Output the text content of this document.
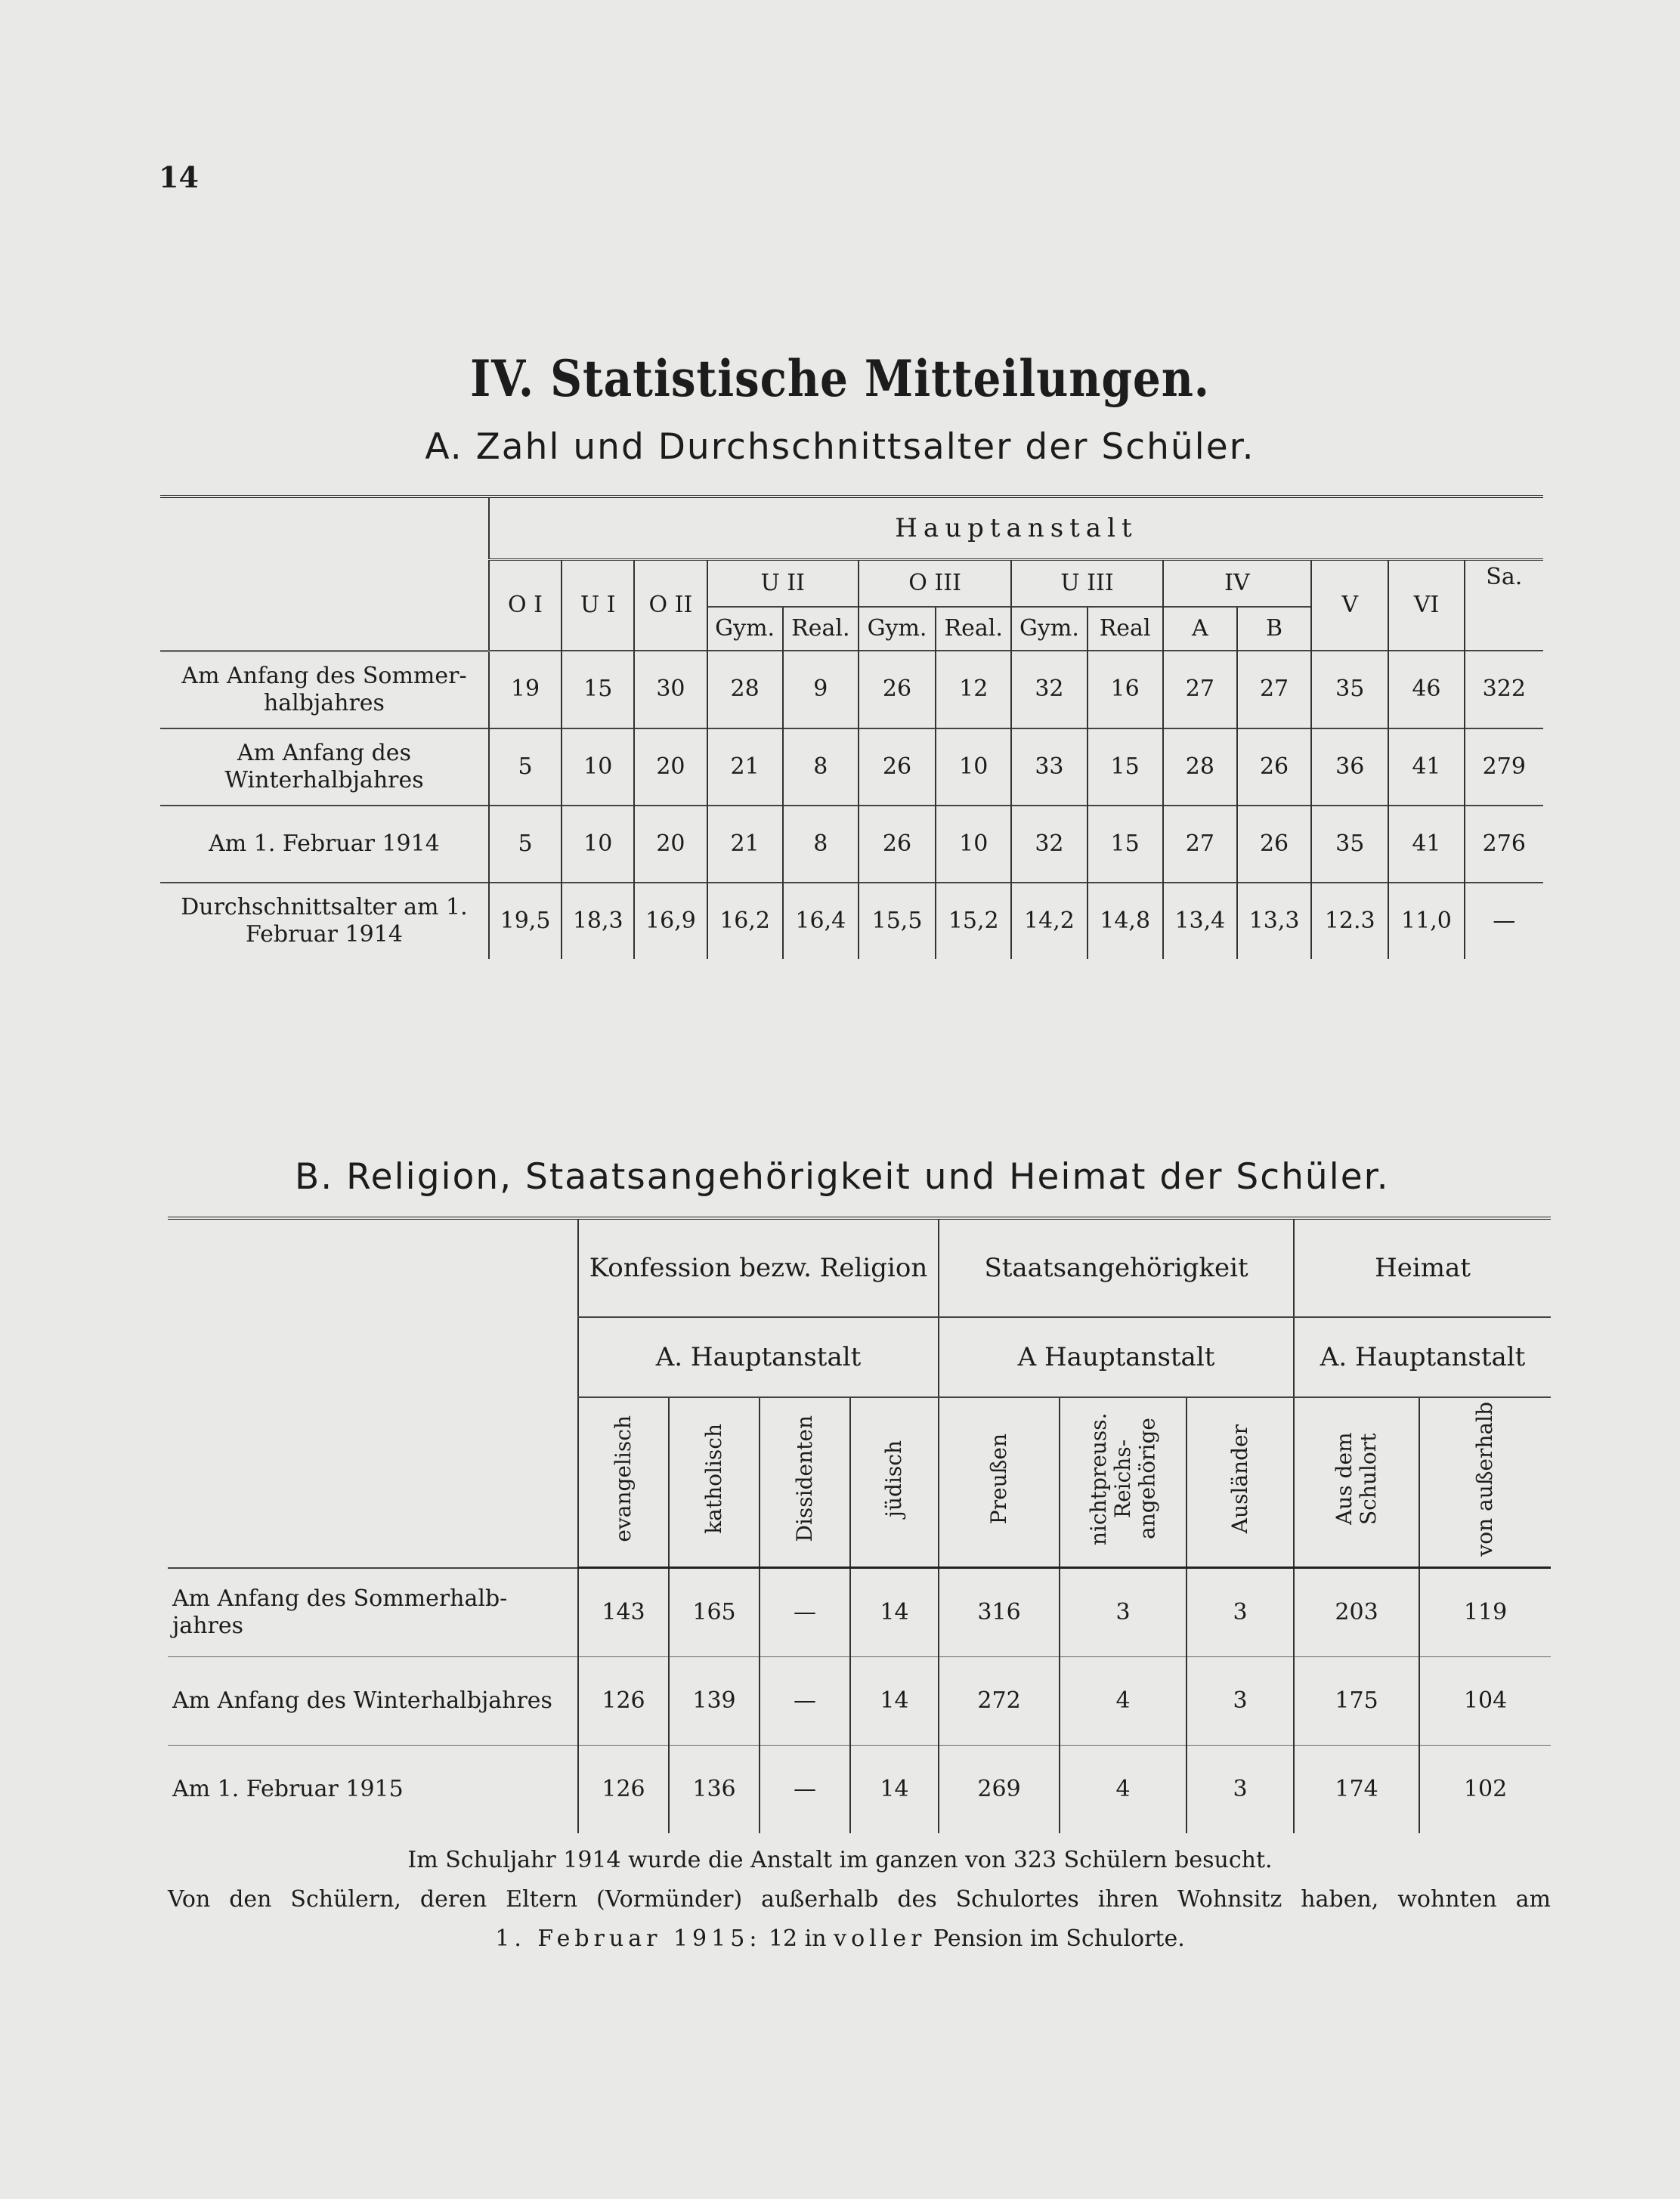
14
IV. Statistische Mitteilungen.
A. Zahl und Durchschnittsalter der Schüler.
	Hauptanstalt													
	O I	U I	O II	U II		O III		U III		IV		V	VI	Sa.
				Gym.	Real.	Gym.	Real.	Gym.	Real	A	B			
Am Anfang des Sommer-halbjahres	19	15	30	28	9	26	12	32	16	27	27	35	46	322
Am Anfang des Winterhalbjahres	5	10	20	21	8	26	10	33	15	28	26	36	41	279
Am 1. Februar 1914	5	10	20	21	8	26	10	32	15	27	26	35	41	276
Durchschnittsalter am 1. Februar 1914	19,5	18,3	16,9	16,2	16,4	15,5	15,2	14,2	14,8	13,4	13,3	12.3	11,0	—
B. Religion, Staatsangehörigkeit und Heimat der Schüler.
	Konfession bezw. Religion				Staatsangehörigkeit			Heimat	
	A. Hauptanstalt				A Hauptanstalt			A. Hauptanstalt	
	evangelisch	katholisch	Dissidenten	jüdisch	Preußen	nichtpreuss. Reichs-angehörige	Ausländer	Aus dem Schulort	von außerhalb
Am Anfang des Sommerhalb-jahres	143	165	—	14	316	3	3	203	119
Am Anfang des Winterhalbjahres	126	139	—	14	272	4	3	175	104
Am 1. Februar 1915	126	136	—	14	269	4	3	174	102
Im Schuljahr 1914 wurde die Anstalt im ganzen von 323 Schülern besucht.
Von den Schülern, deren Eltern (Vormünder) außerhalb des Schulortes ihren Wohnsitz haben, wohnten am
1. Februar 1915: 12 in voller Pension im Schulorte.
